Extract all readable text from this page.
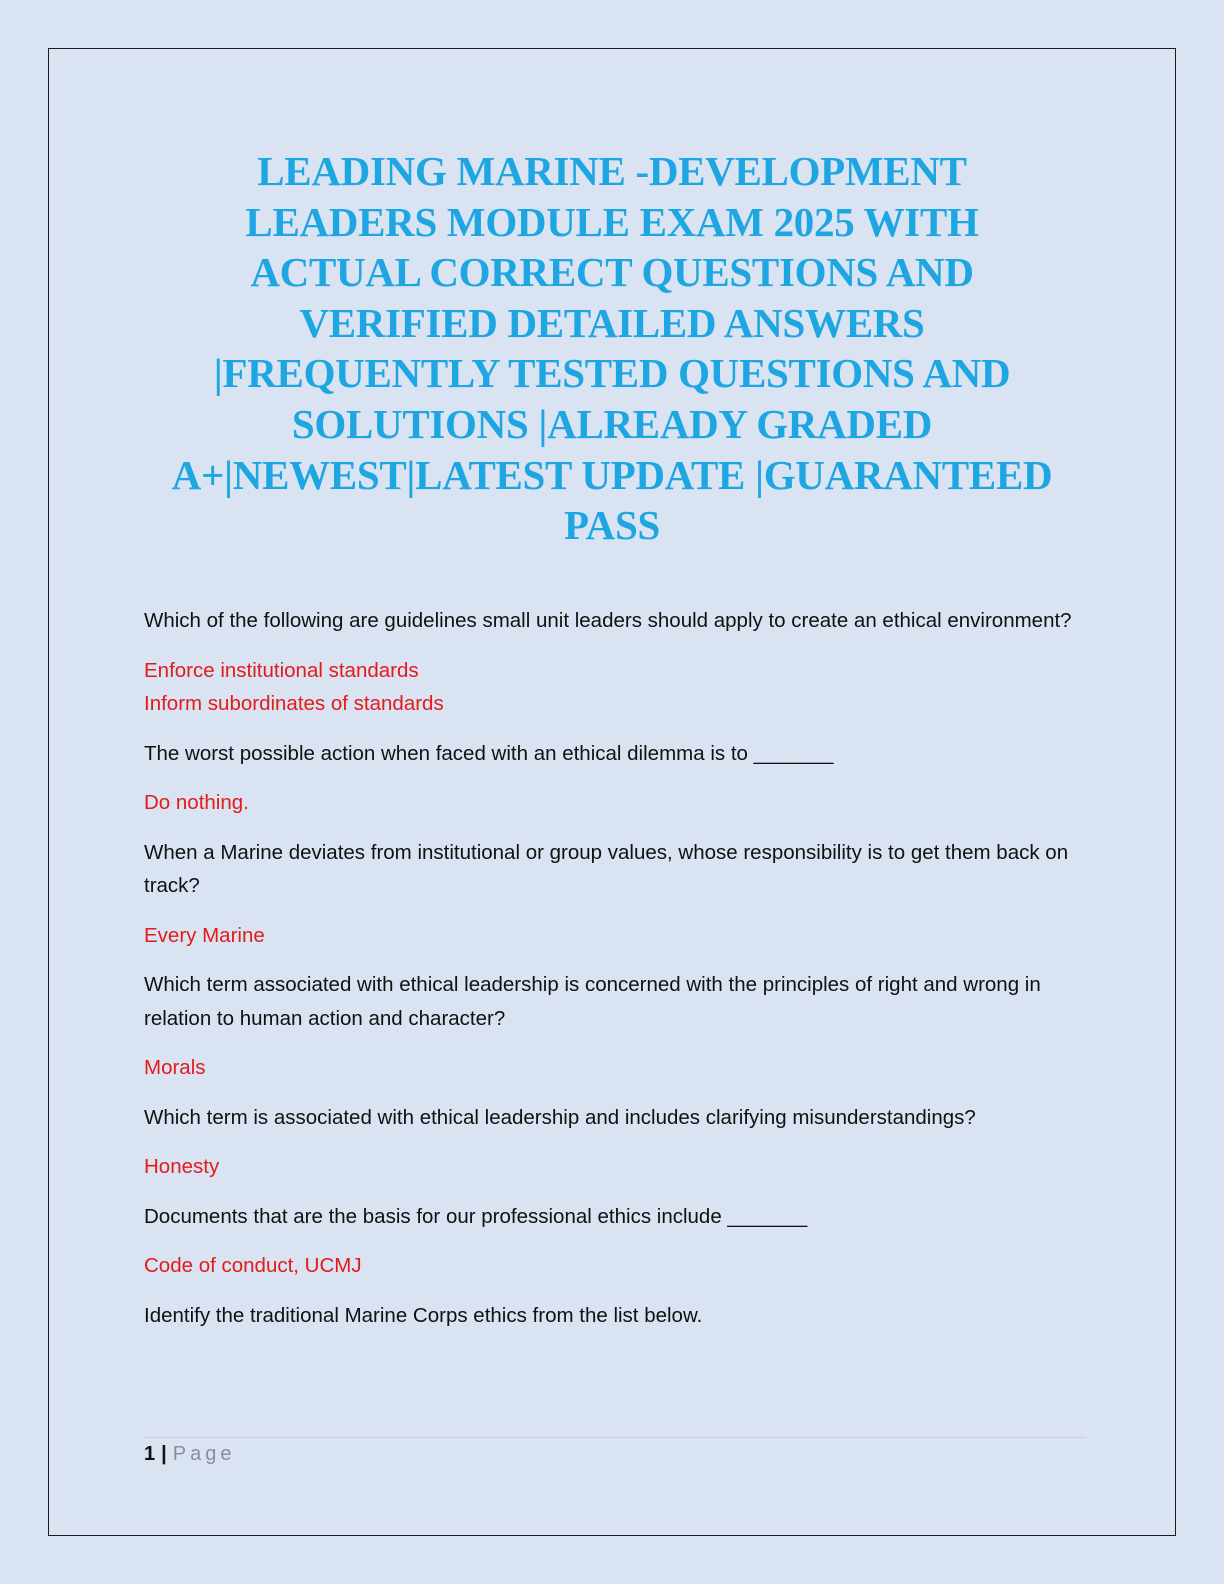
LEADING MARINE -DEVELOPMENT
LEADERS MODULE EXAM 2025 WITH
ACTUAL CORRECT QUESTIONS AND
VERIFIED DETAILED ANSWERS
|FREQUENTLY TESTED QUESTIONS AND
SOLUTIONS |ALREADY GRADED
A+|NEWEST|LATEST UPDATE |GUARANTEED
PASS

Which of the following are guidelines small unit leaders should apply to create an ethical environment?

Enforce institutional standards
Inform subordinates of standards

The worst possible action when faced with an ethical dilemma is to _______

Do nothing.

When a Marine deviates from institutional or group values, whose responsibility is to get them back on track?

Every Marine

Which term associated with ethical leadership is concerned with the principles of right and wrong in relation to human action and character?

Morals

Which term is associated with ethical leadership and includes clarifying misunderstandings?

Honesty

Documents that are the basis for our professional ethics include _______

Code of conduct, UCMJ

Identify the traditional Marine Corps ethics from the list below.

1 | Page
